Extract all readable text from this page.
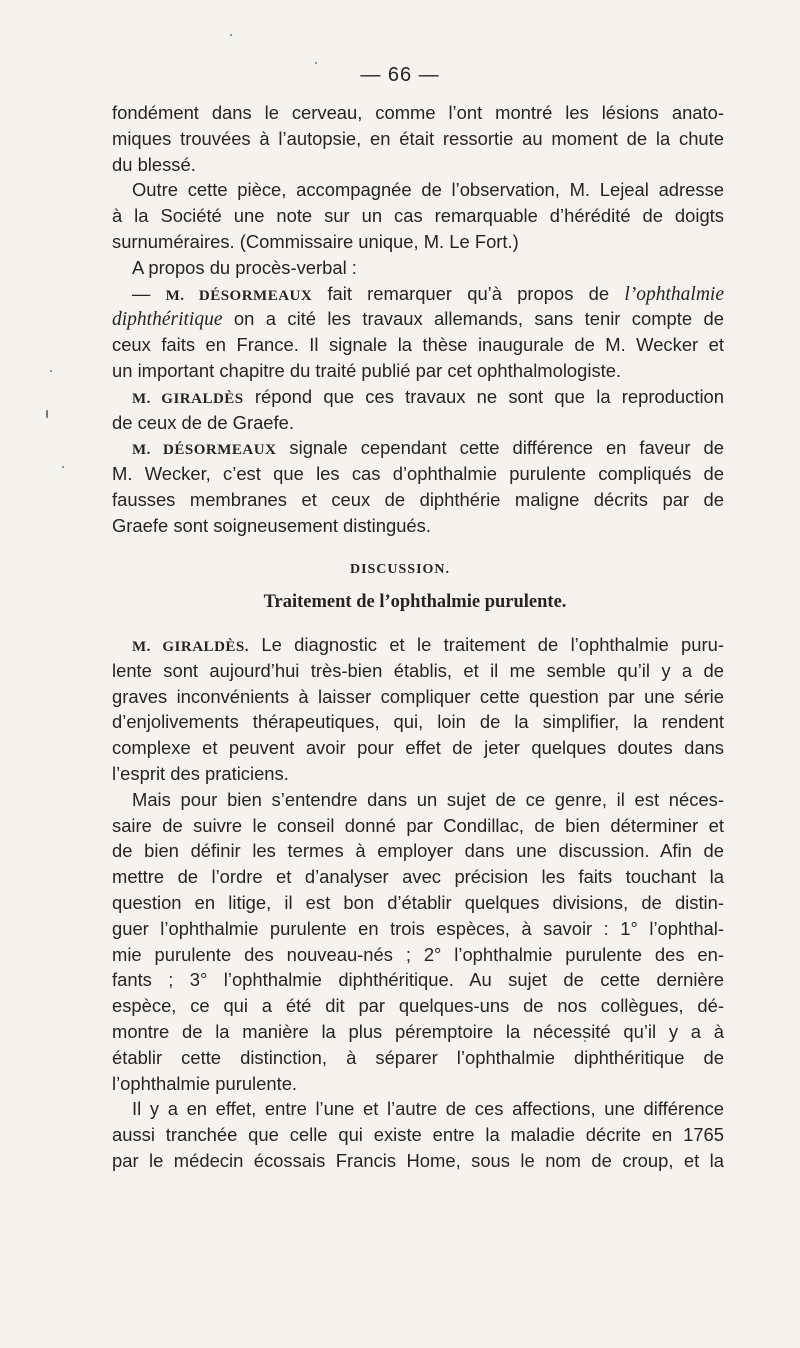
— 66 —
fondément dans le cerveau, comme l’ont montré les lésions anato-
miques trouvées à l’autopsie, en était ressortie au moment de la chute
du blessé.
Outre cette pièce, accompagnée de l’observation, M. Lejeal adresse
à la Société une note sur un cas remarquable d’hérédité de doigts
surnuméraires. (Commissaire unique, M. Le Fort.)
A propos du procès-verbal :
— M. DÉSORMEAUX fait remarquer qu’à propos de l’ophthalmie
diphthéritique on a cité les travaux allemands, sans tenir compte de
ceux faits en France. Il signale la thèse inaugurale de M. Wecker et
un important chapitre du traité publié par cet ophthalmologiste.
M. GIRALDÈS répond que ces travaux ne sont que la reproduction
de ceux de de Graefe.
M. DÉSORMEAUX signale cependant cette différence en faveur de
M. Wecker, c’est que les cas d’ophthalmie purulente compliqués de
fausses membranes et ceux de diphthérie maligne décrits par de
Graefe sont soigneusement distingués.
DISCUSSION.
Traitement de l’ophthalmie purulente.
M. GIRALDÈS. Le diagnostic et le traitement de l’ophthalmie puru-
lente sont aujourd’hui très-bien établis, et il me semble qu’il y a de
graves inconvénients à laisser compliquer cette question par une série
d’enjolivements thérapeutiques, qui, loin de la simplifier, la rendent
complexe et peuvent avoir pour effet de jeter quelques doutes dans
l’esprit des praticiens.
Mais pour bien s’entendre dans un sujet de ce genre, il est néces-
saire de suivre le conseil donné par Condillac, de bien déterminer et
de bien définir les termes à employer dans une discussion. Afin de
mettre de l’ordre et d’analyser avec précision les faits touchant la
question en litige, il est bon d’établir quelques divisions, de distin-
guer l’ophthalmie purulente en trois espèces, à savoir : 1° l’ophthal-
mie purulente des nouveau-nés ; 2° l’ophthalmie purulente des en-
fants ; 3° l’ophthalmie diphthéritique. Au sujet de cette dernière
espèce, ce qui a été dit par quelques-uns de nos collègues, dé-
montre de la manière la plus péremptoire la nécessité qu’il y a à
établir cette distinction, à séparer l’ophthalmie diphthéritique de
l’ophthalmie purulente.
Il y a en effet, entre l’une et l’autre de ces affections, une différence
aussi tranchée que celle qui existe entre la maladie décrite en 1765
par le médecin écossais Francis Home, sous le nom de croup, et la
